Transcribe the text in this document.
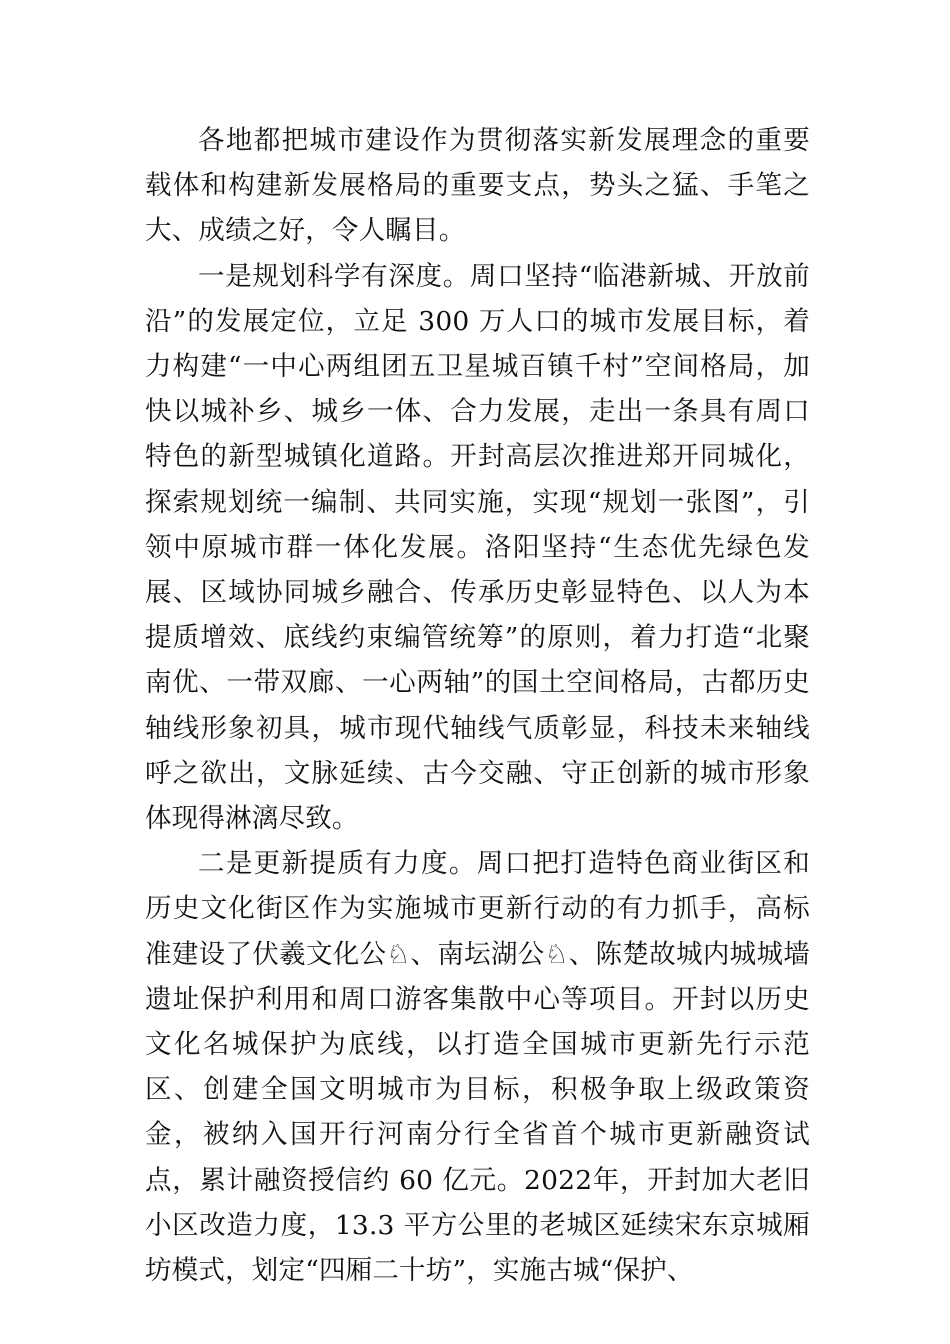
各地都把城市建设作为贯彻落实新发展理念的重要载体和构建新发展格局的重要支点，势头之猛、手笔之大、成绩之好，令人瞩目。

一是规划科学有深度。周口坚持“临港新城、开放前沿”的发展定位，立足 300 万人口的城市发展目标，着力构建“一中心两组团五卫星城百镇千村”空间格局，加快以城补乡、城乡一体、合力发展，走出一条具有周口特色的新型城镇化道路。开封高层次推进郑开同城化，探索规划统一编制、共同实施，实现“规划一张图”，引领中原城市群一体化发展。洛阳坚持“生态优先绿色发展、区域协同城乡融合、传承历史彰显特色、以人为本提质增效、底线约束编管统筹”的原则，着力打造“北聚南优、一带双廊、一心两轴”的国土空间格局，古都历史轴线形象初具，城市现代轴线气质彰显，科技未来轴线呼之欲出，文脉延续、古今交融、守正创新的城市形象体现得淋漓尽致。

二是更新提质有力度。周口把打造特色商业街区和历史文化街区作为实施城市更新行动的有力抓手，高标准建设了伏羲文化公♘、南坛湖公♘、陈楚故城内城城墙遗址保护利用和周口游客集散中心等项目。开封以历史文化名城保护为底线，以打造全国城市更新先行示范区、创建全国文明城市为目标，积极争取上级政策资金，被纳入国开行河南分行全省首个城市更新融资试点，累计融资授信约 60 亿元。2022年，开封加大老旧小区改造力度，13.3 平方公里的老城区延续宋东京城厢坊模式，划定“四厢二十坊”，实施古城“保护、
